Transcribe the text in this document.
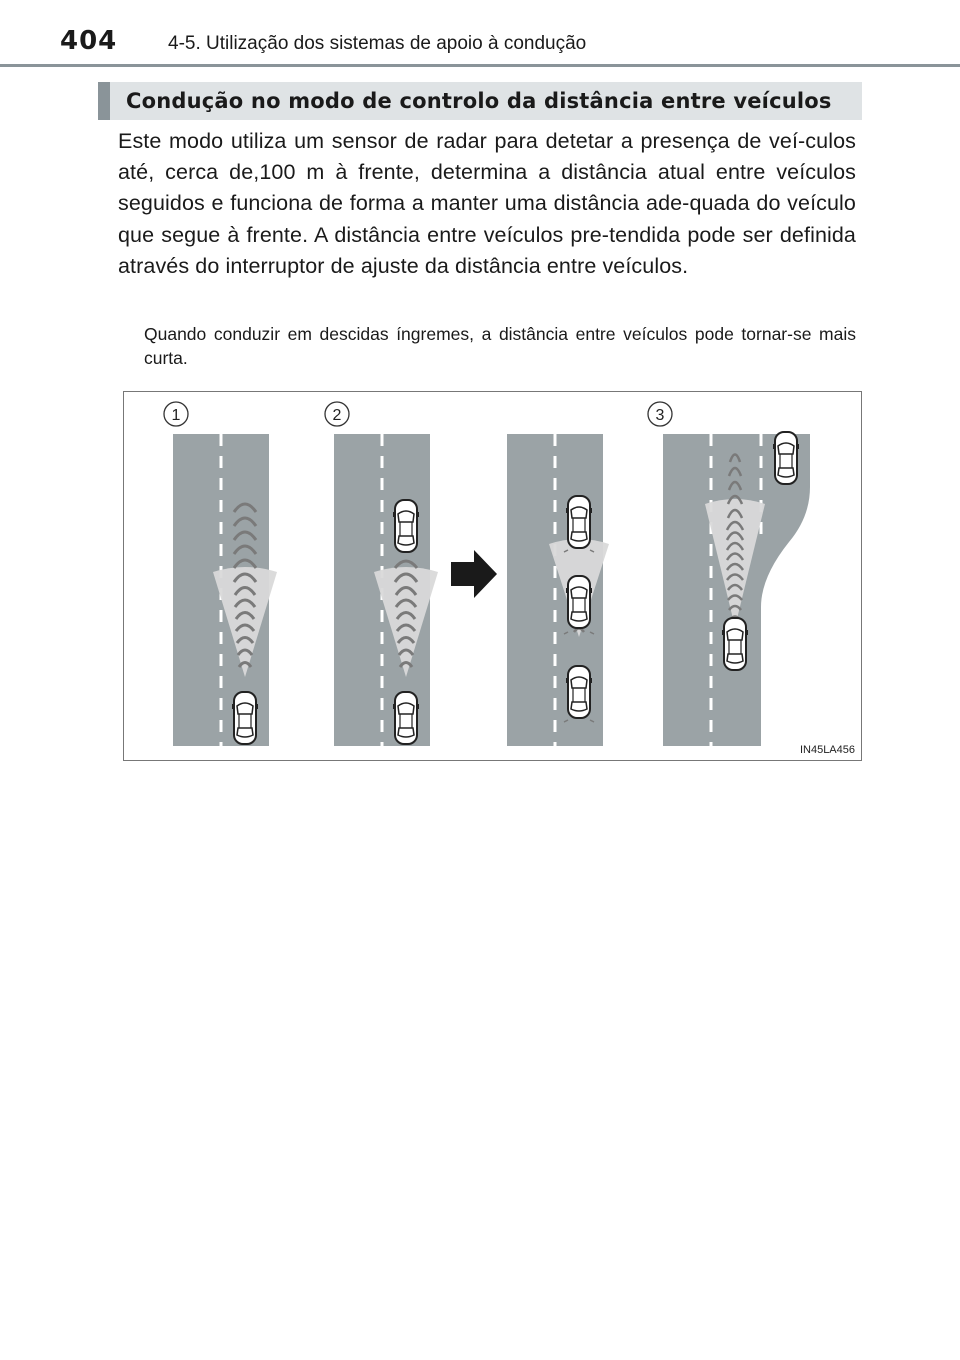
404	4-5. Utilização dos sistemas de apoio à condução
Condução no modo de controlo da distância entre veículos
Este modo utiliza um sensor de radar para detetar a presença de veí-culos até, cerca de,100 m à frente, determina a distância atual entre veículos seguidos e funciona de forma a manter uma distância ade-quada do veículo que segue à frente. A distância entre veículos pre-tendida pode ser definida através do interruptor de ajuste da distância entre veículos.
Quando conduzir em descidas íngremes, a distância entre veículos pode tornar-se mais curta.
1	2	3
IN45LA456
